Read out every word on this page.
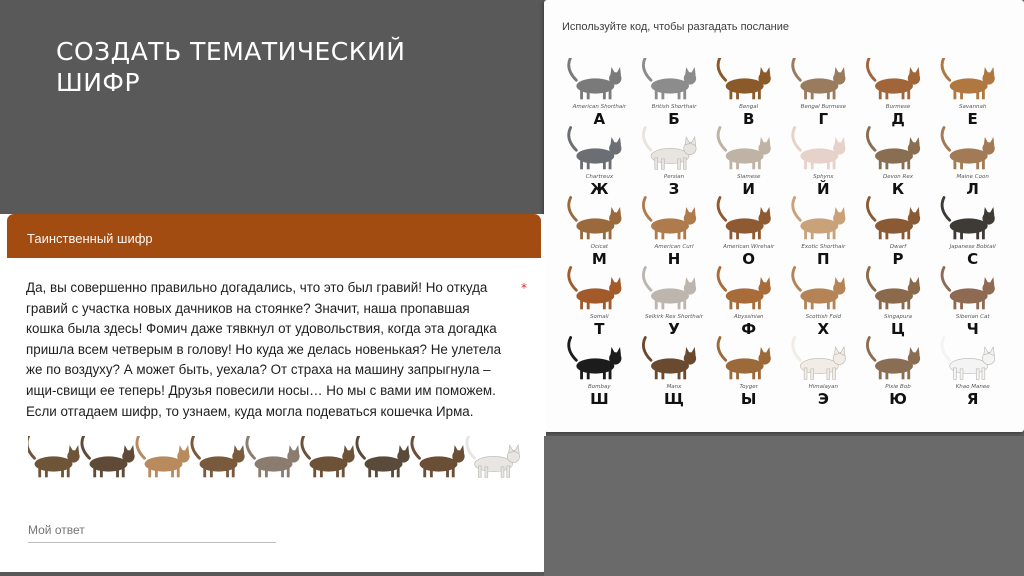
СОЗДАТЬ ТЕМАТИЧЕСКИЙ
ШИФР
Используйте код, чтобы разгадать послание
American Shorthair
А
British Shorthair
Б
Bengal
В
Bengal Burmese
Г
Burmese
Д
Savannah
Е
Chartreux
Ж
Persian
З
Siamese
И
Sphynx
Й
Devon Rex
К
Maine Coon
Л
Ocicat
М
American Curl
Н
American Wirehair
О
Exotic Shorthair
П
Dwarf
Р
Japanese Bobtail
С
Somali
Т
Selkirk Rex Shorthair
У
Abyssinian
Ф
Scottish Fold
Х
Singapura
Ц
Siberian Cat
Ч
Bombay
Ш
Manx
Щ
Toyger
Ы
Himalayan
Э
Pixie Bob
Ю
Khao Manee
Я
Таинственный шифр
Да, вы совершенно правильно догадались, что это был гравий! Но откуда
гравий с участка новых дачников на стоянке? Значит, наша пропавшая
кошка была здесь! Фомич даже тявкнул от удовольствия, когда эта догадка
пришла всем четверым в голову! Но куда же делась новенькая? Не улетела
же по воздуху? А может быть, уехала? От страха на машину запрыгнула –
ищи-свищи ее теперь! Друзья повесили носы… Но мы с вами им поможем.
Если отгадаем шифр, то узнаем, куда могла подеваться кошечка Ирма.
*
Мой ответ
